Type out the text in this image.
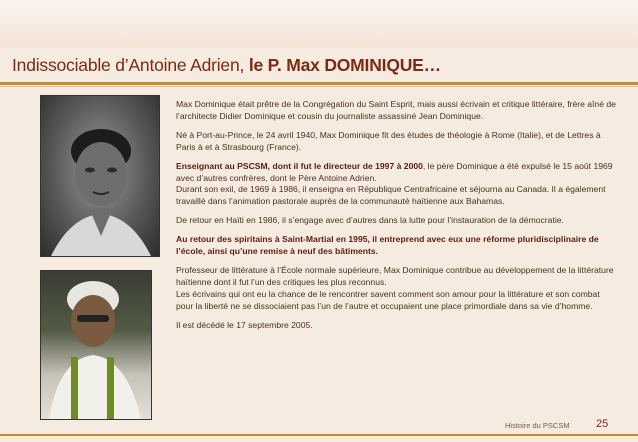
Indissociable d’Antoine Adrien, le P. Max DOMINIQUE…

Max Dominique était prêtre de la Congrégation du Saint Esprit, mais aussi écrivain et critique littéraire, frère aîné de l’architecte Didier Dominique et cousin du journaliste assassiné Jean Dominique.

Né à Port-au-Prince, le 24 avril 1940, Max Dominique fit des études de théologie à Rome (Italie), et de Lettres à Paris à et à Strasbourg (France).

Enseignant au PSCSM, dont il fut le directeur de 1997 à 2000, le père Dominique a été expulsé le 15 août 1969 avec d’autres confrères, dont le Père Antoine Adrien.
Durant son exil, de 1969 à 1986, il enseigna en République Centrafricaine et séjourna au Canada. Il a également travaillé dans l’animation pastorale auprès de la communauté haïtienne aux Bahamas.

De retour en Haïti en 1986, il s’engage avec d’autres dans la lutte pour l’instauration de la démocratie.

Au retour des spiritains à Saint-Martial en 1995, il entreprend avec eux une réforme pluridisciplinaire de l’école, ainsi qu’une remise à neuf des bâtiments.

Professeur de littérature à l’École normale supérieure, Max Dominique contribue au développement de la littérature haïtienne dont il fut l’un des critiques les plus reconnus.
Les écrivains qui ont eu la chance de le rencontrer savent comment son amour pour la littérature et son combat pour la liberté ne se dissociaient pas l’un de l’autre et occupaient une place primordiale dans sa vie d’homme.

Il est décédé le 17 septembre 2005.

Histoire du PSCSM 25
